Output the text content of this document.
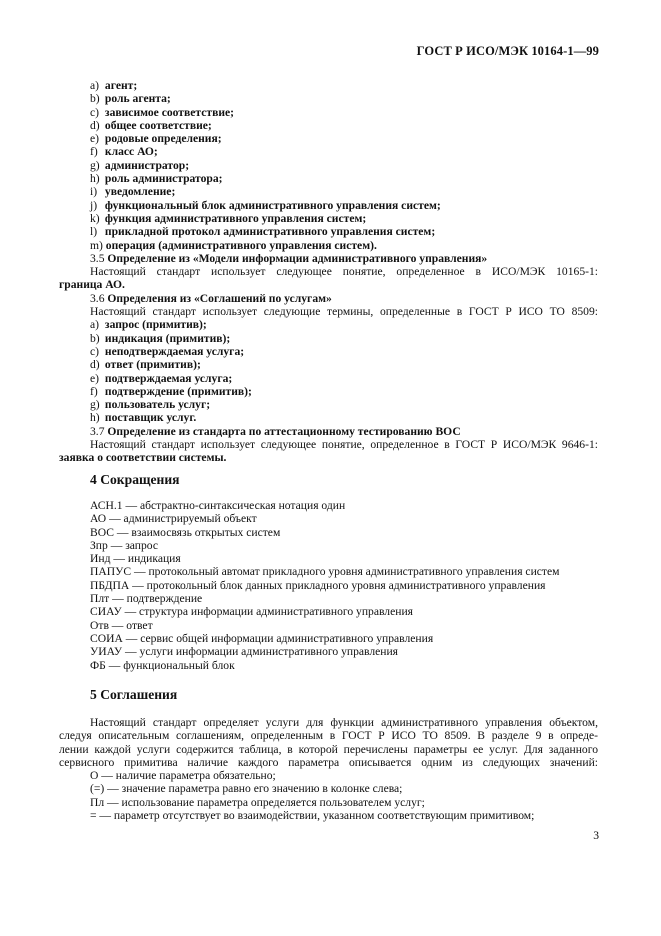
ГОСТ Р ИСО/МЭК 10164-1—99
a) агент;
b) роль агента;
c) зависимое соответствие;
d) общее соответствие;
e) родовые определения;
f) класс АО;
g) администратор;
h) роль администратора;
i) уведомление;
j) функциональный блок административного управления систем;
k) функция административного управления систем;
l) прикладной протокол административного управления систем;
m) операция (административного управления систем).
3.5 Определение из «Модели информации административного управления»
Настоящий стандарт использует следующее понятие, определенное в ИСО/МЭК 10165-1:
граница АО.
3.6 Определения из «Соглашений по услугам»
Настоящий стандарт использует следующие термины, определенные в ГОСТ Р ИСО ТО 8509:
a) запрос (примитив);
b) индикация (примитив);
c) неподтверждаемая услуга;
d) ответ (примитив);
e) подтверждаемая услуга;
f) подтверждение (примитив);
g) пользователь услуг;
h) поставщик услуг.
3.7 Определение из стандарта по аттестационному тестированию ВОС
Настоящий стандарт использует следующее понятие, определенное в ГОСТ Р ИСО/МЭК 9646-1:
заявка о соответствии системы.
4 Сокращения
АСН.1 — абстрактно-синтаксическая нотация один
АО — администрируемый объект
ВОС — взаимосвязь открытых систем
Зпр — запрос
Инд — индикация
ПАПУС — протокольный автомат прикладного уровня административного управления систем
ПБДПА — протокольный блок данных прикладного уровня административного управления
Плт — подтверждение
СИАУ — структура информации административного управления
Отв — ответ
СОИА — сервис общей информации административного управления
УИАУ — услуги информации административного управления
ФБ — функциональный блок
5 Соглашения
Настоящий стандарт определяет услуги для функции административного управления объектом,
следуя описательным соглашениям, определенным в ГОСТ Р ИСО ТО 8509. В разделе 9 в опреде-
лении каждой услуги содержится таблица, в которой перечислены параметры ее услуг. Для заданного
сервисного примитива наличие каждого параметра описывается одним из следующих значений:
О — наличие параметра обязательно;
(=) — значение параметра равно его значению в колонке слева;
Пл — использование параметра определяется пользователем услуг;
= — параметр отсутствует во взаимодействии, указанном соответствующим примитивом;
3
